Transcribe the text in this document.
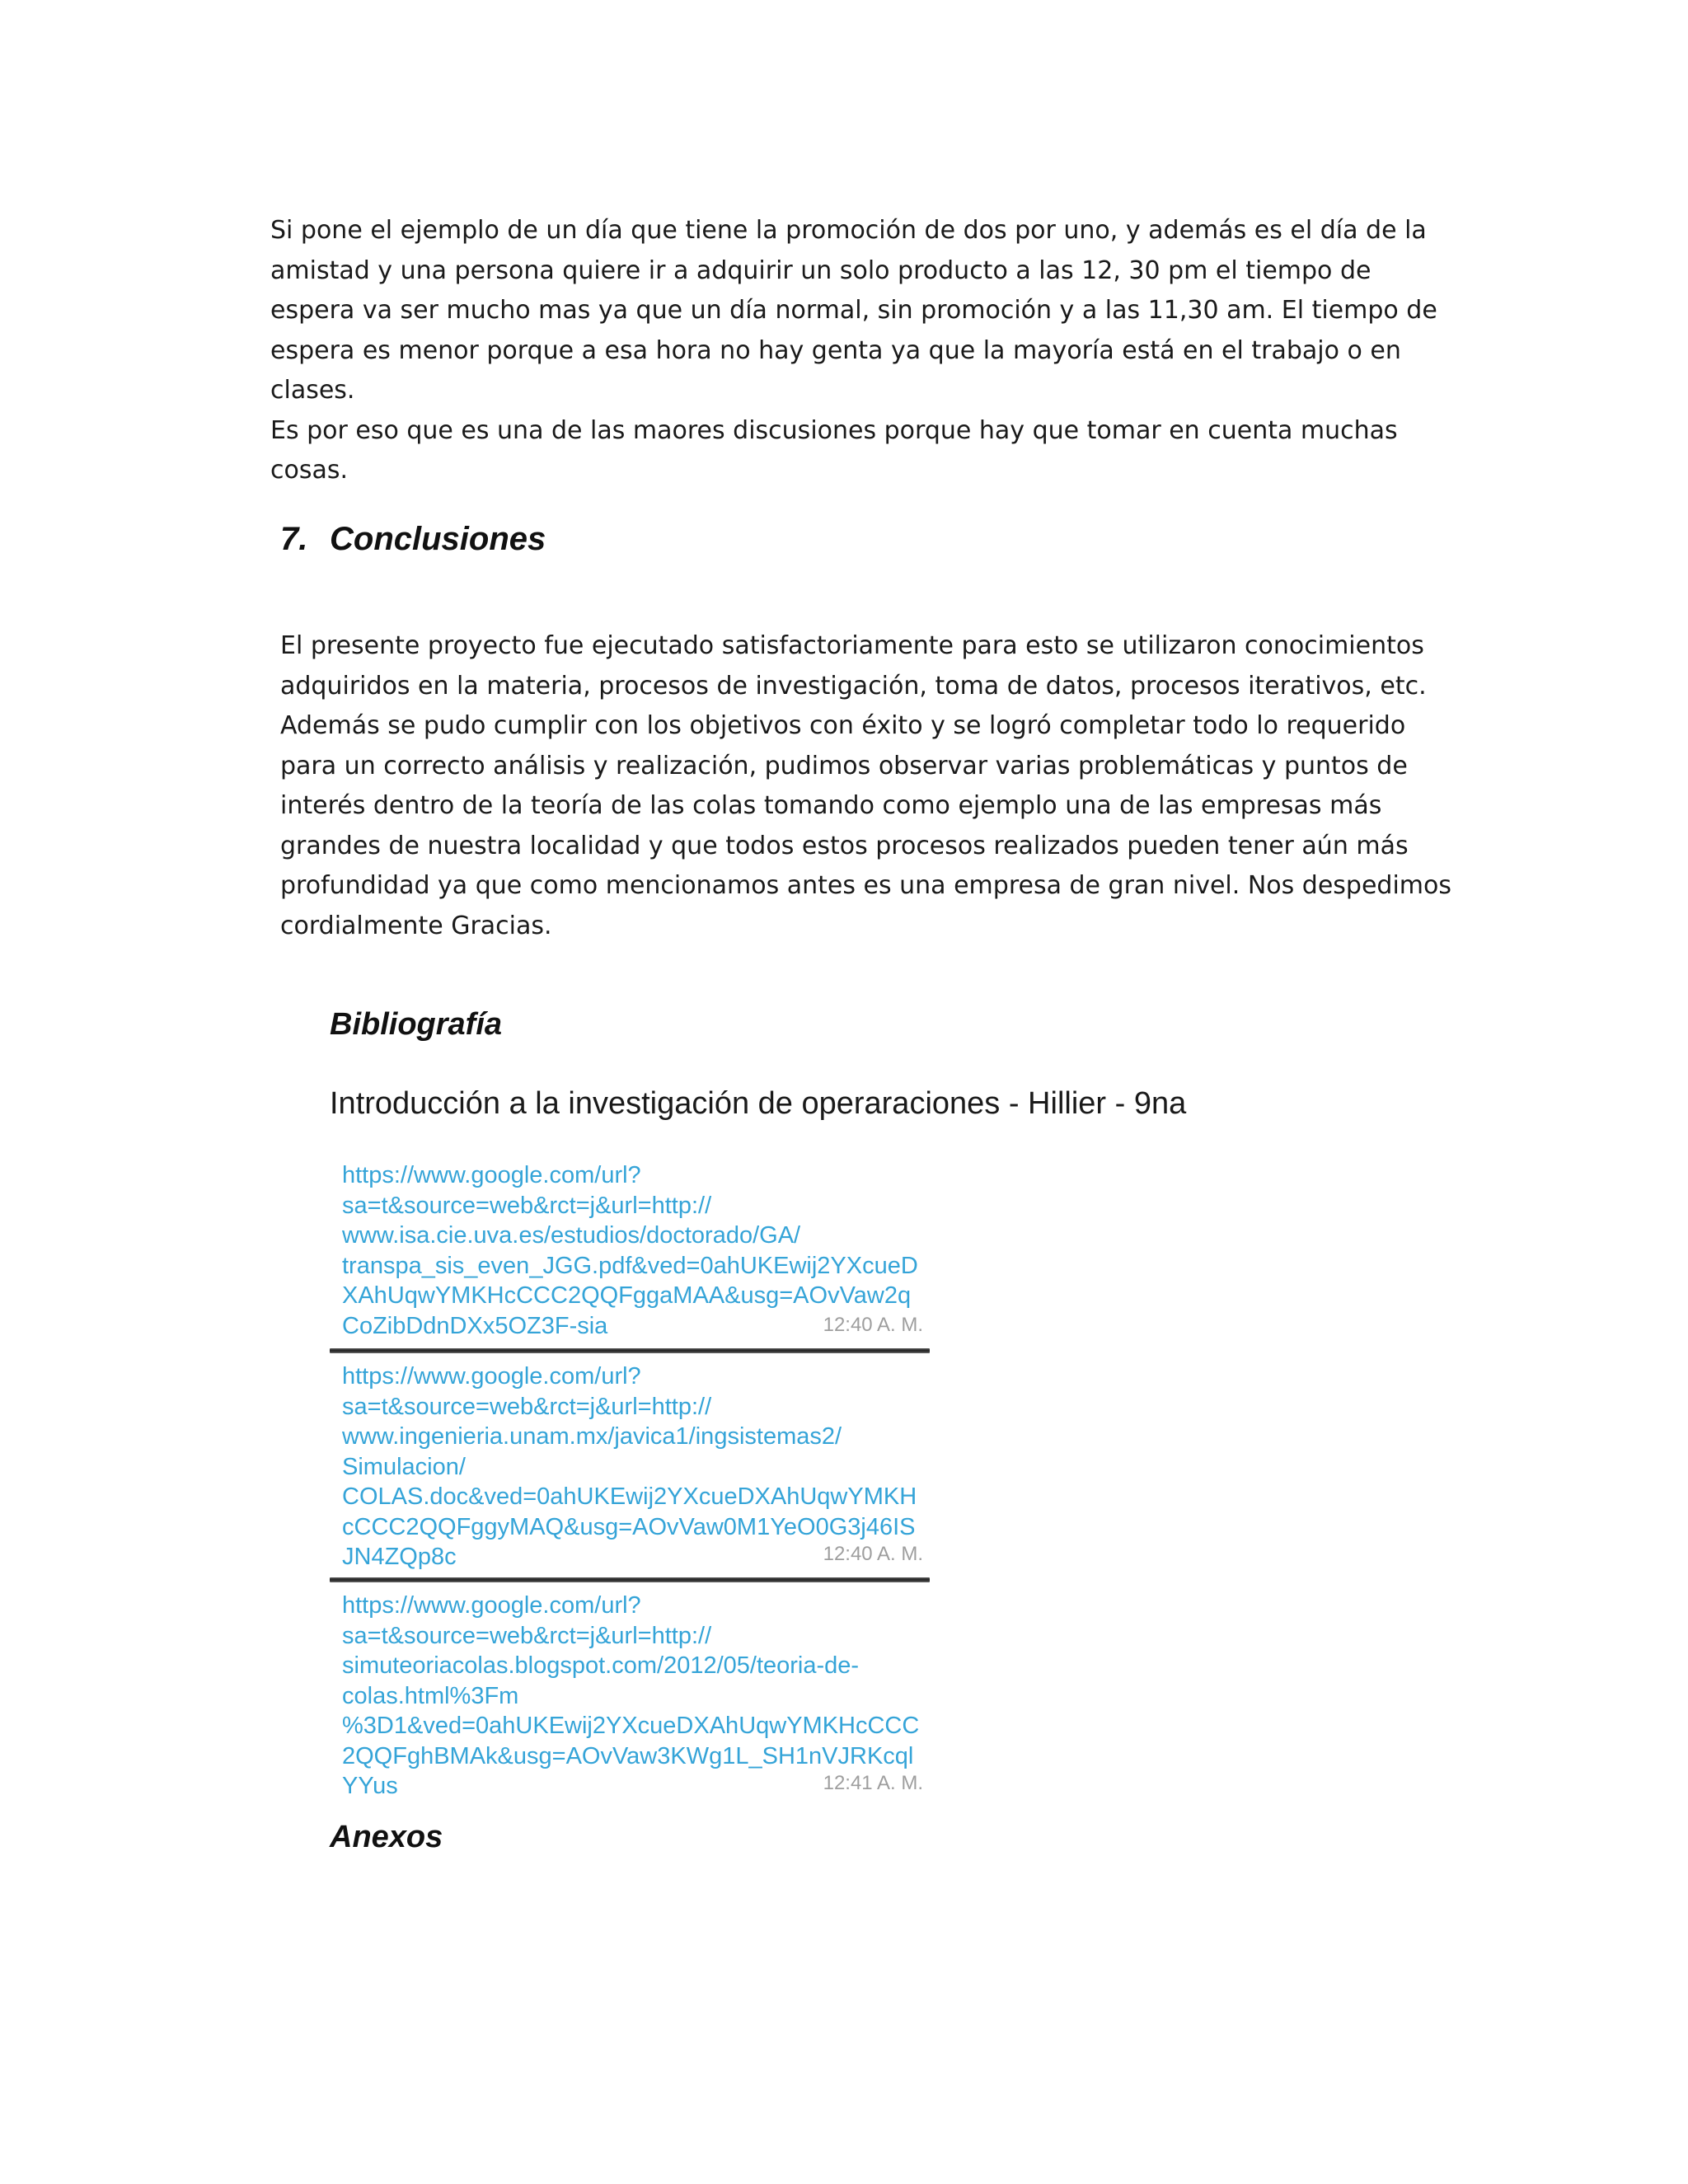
Si pone el ejemplo de un día que tiene la promoción de dos por uno, y además es el día de la amistad y una persona quiere ir a adquirir un solo producto a las 12, 30 pm el tiempo de espera va ser mucho mas ya que un día normal, sin promoción y a las 11,30 am. El tiempo de espera es menor porque a esa hora no hay genta ya que la mayoría está en el trabajo o en clases.

Es por eso que es una de las maores discusiones porque hay que tomar en cuenta muchas cosas.

7. Conclusiones

El presente proyecto fue ejecutado satisfactoriamente para esto se utilizaron conocimientos adquiridos en la materia, procesos de investigación, toma de datos, procesos iterativos, etc. Además se pudo cumplir con los objetivos con éxito y se logró completar todo lo requerido para un correcto análisis y realización, pudimos observar varias problemáticas y puntos de interés dentro de la teoría de las colas tomando como ejemplo una de las empresas más grandes de nuestra localidad y que todos estos procesos realizados pueden tener aún más profundidad ya que como mencionamos antes es una empresa de gran nivel. Nos despedimos cordialmente Gracias.

Bibliografía
Introducción a la investigación de operaraciones - Hillier - 9na
https://www.google.com/url?
sa=t&source=web&rct=j&url=http://
www.isa.cie.uva.es/estudios/doctorado/GA/
transpa_sis_even_JGG.pdf&ved=0ahUKEwij2YXcueD
XAhUqwYMKHcCCC2QQFggaMAA&usg=AOvVaw2q
CoZibDdnDXx5OZ3F-sia	12:40 A. M.
https://www.google.com/url?
sa=t&source=web&rct=j&url=http://
www.ingenieria.unam.mx/javica1/ingsistemas2/
Simulacion/
COLAS.doc&ved=0ahUKEwij2YXcueDXAhUqwYMKH
cCCC2QQFggyMAQ&usg=AOvVaw0M1YeO0G3j46IS
JN4ZQp8c	12:40 A. M.
https://www.google.com/url?
sa=t&source=web&rct=j&url=http://
simuteoriacolas.blogspot.com/2012/05/teoria-de-
colas.html%3Fm
%3D1&ved=0ahUKEwij2YXcueDXAhUqwYMKHcCCC
2QQFghBMAk&usg=AOvVaw3KWg1L_SH1nVJRKcql
YYus	12:41 A. M.
Anexos
